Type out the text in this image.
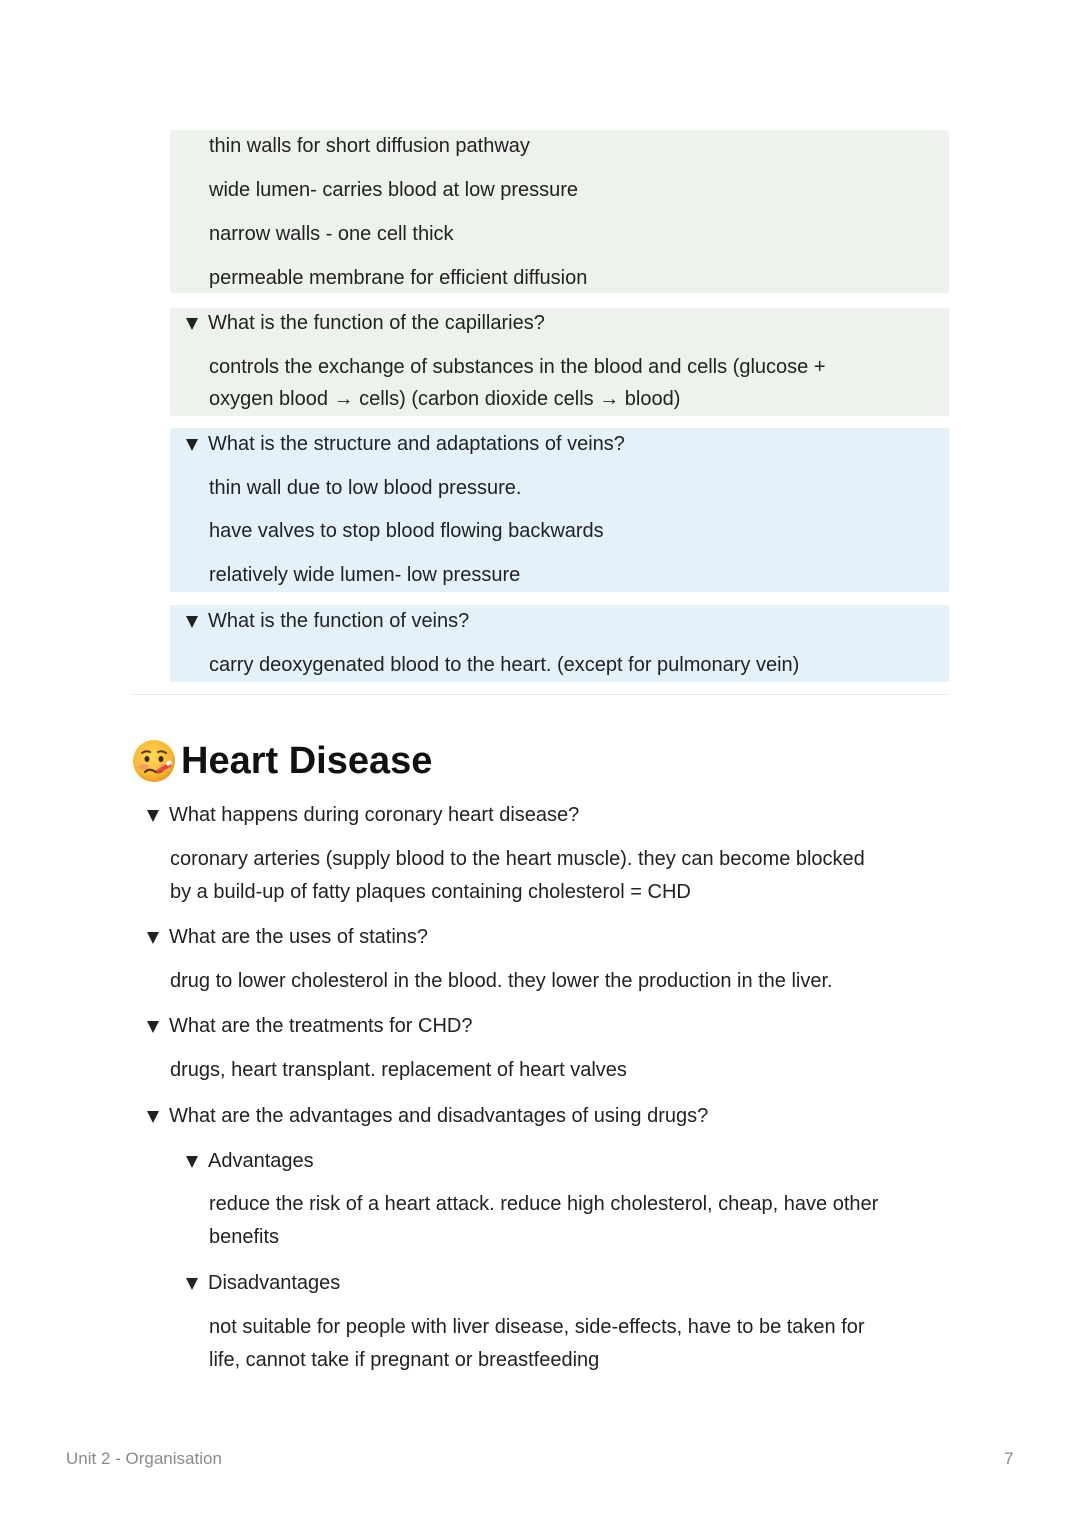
thin walls for short diffusion pathway
wide lumen- carries blood at low pressure
narrow walls - one cell thick
permeable membrane for efficient diffusion
What is the function of the capillaries?
controls the exchange of substances in the blood and cells (glucose +
oxygen blood → cells) (carbon dioxide cells → blood)
What is the structure and adaptations of veins?
thin wall due to low blood pressure.
have valves to stop blood flowing backwards
relatively wide lumen- low pressure
What is the function of veins?
carry deoxygenated blood to the heart. (except for pulmonary vein)
Heart Disease
What happens during coronary heart disease?
coronary arteries (supply blood to the heart muscle). they can become blocked
by a build-up of fatty plaques containing cholesterol = CHD
What are the uses of statins?
drug to lower cholesterol in the blood. they lower the production in the liver.
What are the treatments for CHD?
drugs, heart transplant. replacement of heart valves
What are the advantages and disadvantages of using drugs?
Advantages
reduce the risk of a heart attack. reduce high cholesterol, cheap, have other
benefits
Disadvantages
not suitable for people with liver disease, side-effects, have to be taken for
life, cannot take if pregnant or breastfeeding
Unit 2 - Organisation	7
